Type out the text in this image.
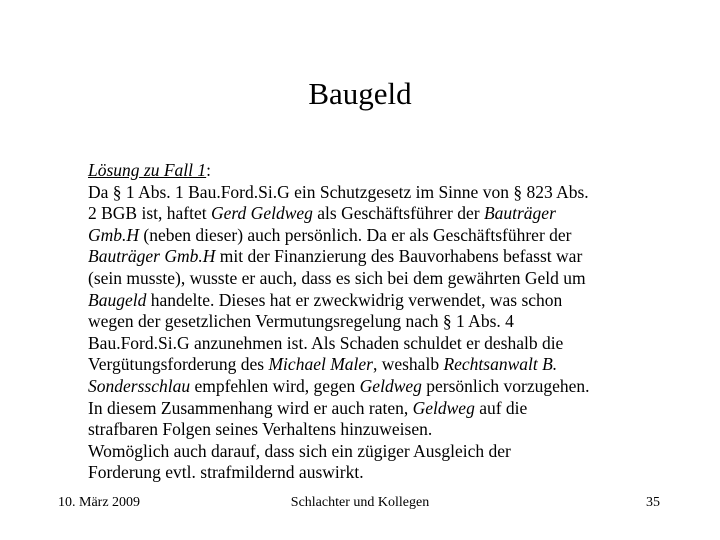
Baugeld
Lösung zu Fall 1:
Da § 1 Abs. 1 Bau.Ford.Si.G ein Schutzgesetz im Sinne von § 823 Abs.
2 BGB ist, haftet Gerd Geldweg als Geschäftsführer der Bauträger
Gmb.H (neben dieser) auch persönlich. Da er als Geschäftsführer der
Bauträger Gmb.H mit der Finanzierung des Bauvorhabens befasst war
(sein musste), wusste er auch, dass es sich bei dem gewährten Geld um
Baugeld handelte. Dieses hat er zweckwidrig verwendet, was schon
wegen der gesetzlichen Vermutungsregelung nach § 1 Abs. 4
Bau.Ford.Si.G anzunehmen ist. Als Schaden schuldet er deshalb die
Vergütungsforderung des Michael Maler, weshalb Rechtsanwalt B.
Sondersschlau empfehlen wird, gegen Geldweg persönlich vorzugehen.
In diesem Zusammenhang wird er auch raten, Geldweg auf die
strafbaren Folgen seines Verhaltens hinzuweisen.
Womöglich auch darauf, dass sich ein zügiger Ausgleich der
Forderung evtl. strafmildernd auswirkt.
10. März 2009	Schlachter und Kollegen	35
